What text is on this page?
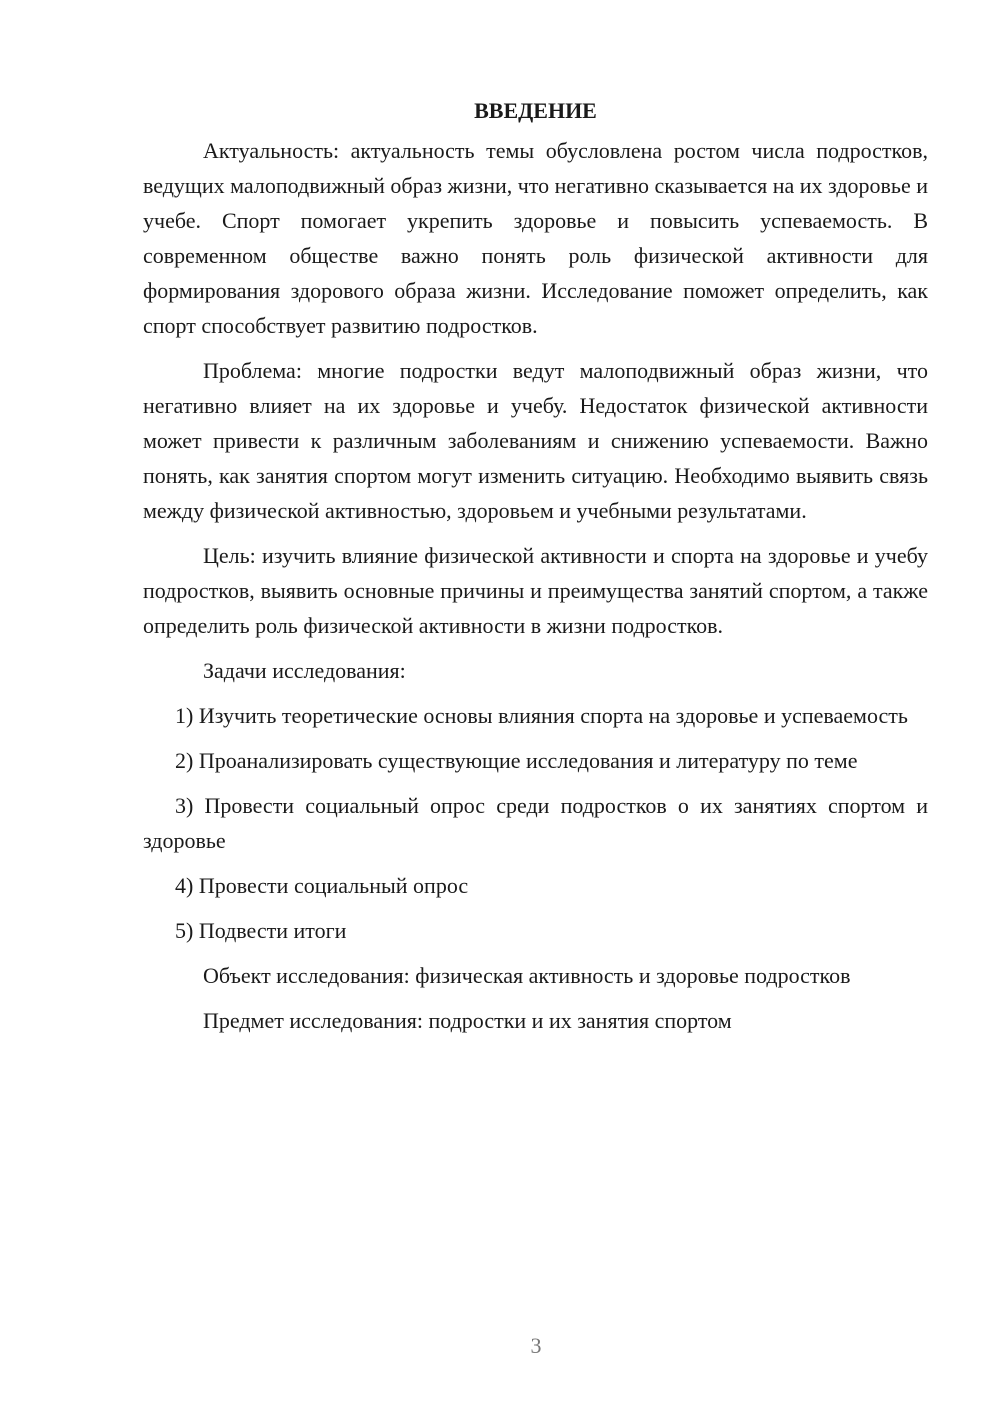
ВВЕДЕНИЕ

Актуальность: актуальность темы обусловлена ростом числа подростков, ведущих малоподвижный образ жизни, что негативно сказывается на их здоровье и учебе. Спорт помогает укрепить здоровье и повысить успеваемость. В современном обществе важно понять роль физической активности для формирования здорового образа жизни. Исследование поможет определить, как спорт способствует развитию подростков.

Проблема: многие подростки ведут малоподвижный образ жизни, что негативно влияет на их здоровье и учебу. Недостаток физической активности может привести к различным заболеваниям и снижению успеваемости. Важно понять, как занятия спортом могут изменить ситуацию. Необходимо выявить связь между физической активностью, здоровьем и учебными результатами.

Цель: изучить влияние физической активности и спорта на здоровье и учебу подростков, выявить основные причины и преимущества занятий спортом, а также определить роль физической активности в жизни подростков.

Задачи исследования:

1) Изучить теоретические основы влияния спорта на здоровье и успеваемость

2) Проанализировать существующие исследования и литературу по теме

3) Провести социальный опрос среди подростков о их занятиях спортом и здоровье

4) Провести социальный опрос

5) Подвести итоги

Объект исследования: физическая активность и здоровье подростков

Предмет исследования: подростки и их занятия спортом

3
